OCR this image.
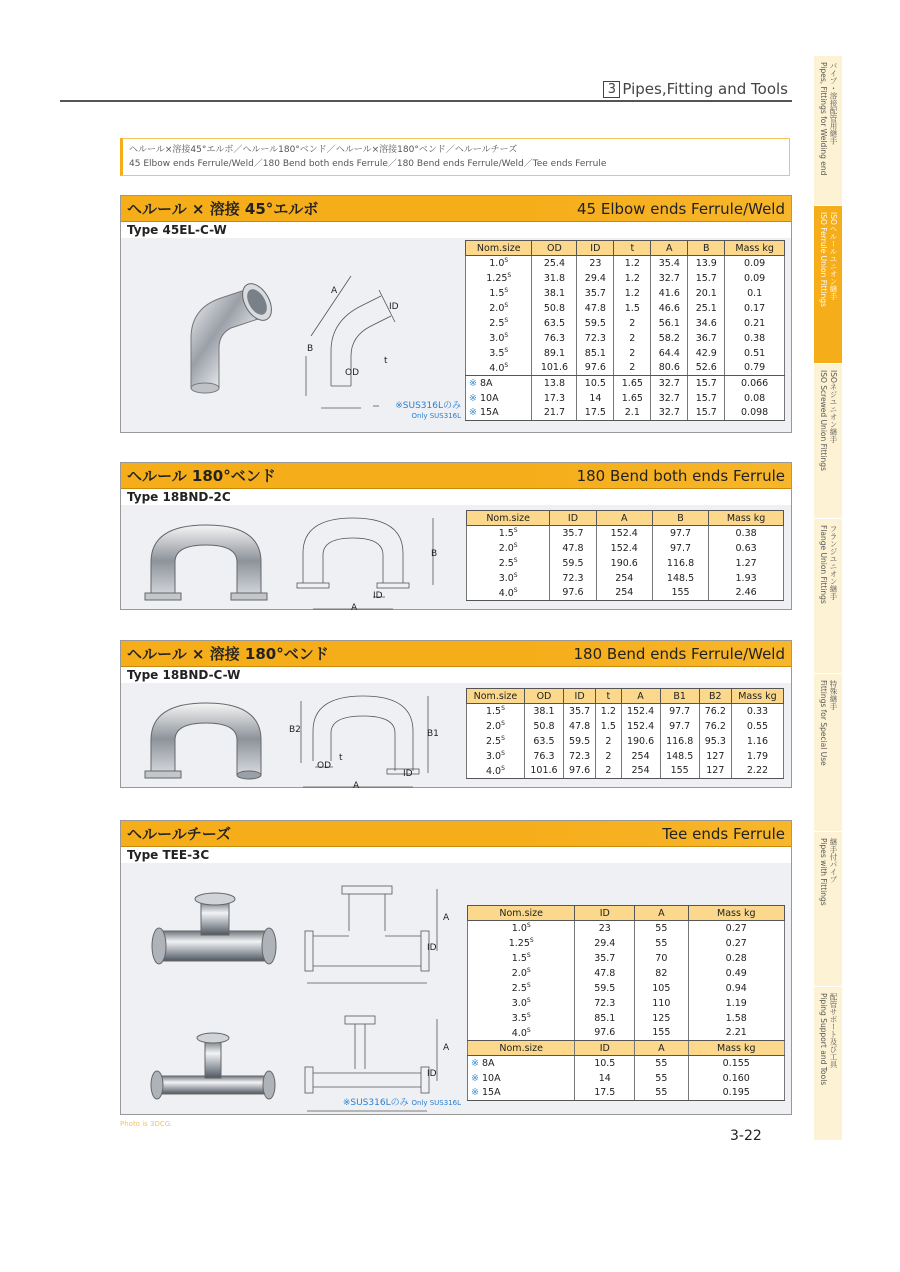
3 Pipes,Fitting and Tools	パイプ・溶接配管用継手
Pipes, Fittings for Welding end
ISOヘルールユニオン継手
ISO Ferrule Union Fittings
ISOネジユニオン継手
ISO Screwed Union Fittings
フランジユニオン継手
Flange Union Fittings
特殊継手
Fittings for Special Use
継手付パイプ
Pipes with Fittings
配管サポート及び工具
Piping Support and Tools
ヘルール×溶接45°エルボ／ヘルール180°ベンド／ヘルール×溶接180°ベンド／ヘルールチーズ
45 Elbow ends Ferrule/Weld／180 Bend both ends Ferrule／180 Bend ends Ferrule/Weld／Tee ends Ferrule
ヘルール × 溶接 45°エルボ	45 Elbow ends Ferrule/Weld
Type 45EL-C-W
A
ID
B
OD
t
Nom.size	OD	ID	t	A	B	Mass kg
$1.0^S$	25.4	23	1.2	35.4	13.9	0.09
$1.25^S$	31.8	29.4	1.2	32.7	15.7	0.09
$1.5^S$	38.1	35.7	1.2	41.6	20.1	0.1
$2.0^S$	50.8	47.8	1.5	46.6	25.1	0.17
$2.5^S$	63.5	59.5	2	56.1	34.6	0.21
$3.0^S$	76.3	72.3	2	58.2	36.7	0.38
$3.5^S$	89.1	85.1	2	64.4	42.9	0.51
$4.0^S$	101.6	97.6	2	80.6	52.6	0.79
※ 8A	13.8	10.5	1.65	32.7	15.7	0.066
※ 10A	17.3	14	1.65	32.7	15.7	0.08
※ 15A	21.7	17.5	2.1	32.7	15.7	0.098
※SUS316Lのみ
Only SUS316L
ヘルール 180°ベンド	180 Bend both ends Ferrule
Type 18BND-2C
B
A
ID
Nom.size	ID	A	B	Mass kg
$1.5^S$	35.7	152.4	97.7	0.38
$2.0^S$	47.8	152.4	97.7	0.63
$2.5^S$	59.5	190.6	116.8	1.27
$3.0^S$	72.3	254	148.5	1.93
$4.0^S$	97.6	254	155	2.46
ヘルール × 溶接 180°ベンド	180 Bend ends Ferrule/Weld
Type 18BND-C-W
B2	B1
A
OD
t
ID
Nom.size	OD	ID	t	A	B1	B2	Mass kg
$1.5^S$	38.1	35.7	1.2	152.4	97.7	76.2	0.33
$2.0^S$	50.8	47.8	1.5	152.4	97.7	76.2	0.55
$2.5^S$	63.5	59.5	2	190.6	116.8	95.3	1.16
$3.0^S$	76.3	72.3	2	254	148.5	127	1.79
$4.0^S$	101.6	97.6	2	254	155	127	2.22
ヘルールチーズ	Tee ends Ferrule
Type TEE-3C
A
ID
A
ID
Nom.size	ID	A	Mass kg
$1.0^S$	23	55	0.27
$1.25^S$	29.4	55	0.27
$1.5^S$	35.7	70	0.28
$2.0^S$	47.8	82	0.49
$2.5^S$	59.5	105	0.94
$3.0^S$	72.3	110	1.19
$3.5^S$	85.1	125	1.58
$4.0^S$	97.6	155	2.21
Nom.size	ID	A	Mass kg
※ 8A	10.5	55	0.155
※ 10A	14	55	0.160
※ 15A	17.5	55	0.195
※SUS316Lのみ Only SUS316L
Photo is 3DCG.
3-22
